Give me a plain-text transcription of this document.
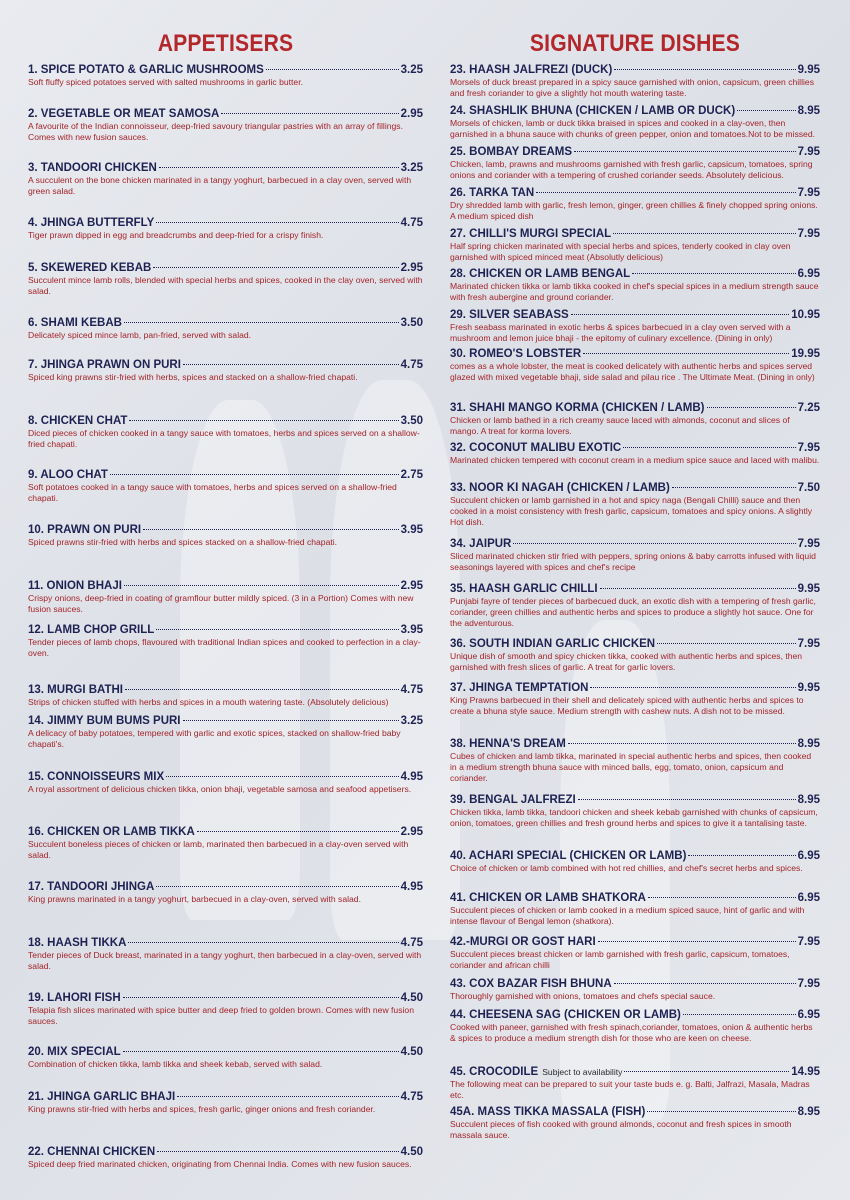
APPETISERS
1. SPICE POTATO & GARLIC MUSHROOMS	3.25
Soft fluffy spiced potatoes served with salted mushrooms in garlic butter.
2. VEGETABLE OR MEAT SAMOSA	2.95
A favourite of the Indian connoisseur, deep-fried savoury triangular pastries with an array of fillings. Comes with new fusion sauces.
3. TANDOORI CHICKEN	3.25
A succulent on the bone chicken marinated in a tangy yoghurt, barbecued in a clay oven, served with green salad.
4. JHINGA BUTTERFLY	4.75
Tiger prawn dipped in egg and breadcrumbs and deep-fried for a crispy finish.
5. SKEWERED KEBAB	2.95
Succulent mince lamb rolls, blended with special herbs and spices, cooked in the clay oven, served with salad.
6. SHAMI KEBAB	3.50
Delicately spiced mince lamb, pan-fried, served with salad.
7. JHINGA PRAWN ON PURI	4.75
Spiced king prawns stir-fried with herbs, spices and stacked on a shallow-fried chapati.
8. CHICKEN CHAT	3.50
Diced pieces of chicken cooked in a tangy sauce with tomatoes, herbs and spices served on a shallow-fried chapati.
9. ALOO CHAT	2.75
Soft potatoes cooked in a tangy sauce with tomatoes, herbs and spices served on a shallow-fried chapati.
10. PRAWN ON PURI	3.95
Spiced prawns stir-fried with herbs and spices stacked on a shallow-fried chapati.
11. ONION BHAJI	2.95
Crispy onions, deep-fried in coating of gramflour butter mildly spiced. (3 in a Portion) Comes with new fusion sauces.
12. LAMB CHOP GRILL	3.95
Tender pieces of lamb chops, flavoured with traditional Indian spices and cooked to perfection in a clay-oven.
13. MURGI BATHI	4.75
Strips of chicken stuffed with herbs and spices in a mouth watering taste. (Absolutely delicious)
14. JIMMY BUM BUMS PURI	3.25
A delicacy of baby potatoes, tempered with garlic and exotic spices, stacked on shallow-fried baby chapati's.
15. CONNOISSEURS MIX	4.95
A royal assortment of delicious chicken tikka, onion bhaji, vegetable samosa and seafood appetisers.
16. CHICKEN OR LAMB TIKKA	2.95
Succulent boneless pieces of chicken or lamb, marinated then barbecued in a clay-oven served with salad.
17. TANDOORI JHINGA	4.95
King prawns marinated in a tangy yoghurt, barbecued in a clay-oven, served with salad.
18. HAASH TIKKA	4.75
Tender pieces of Duck breast, marinated in a tangy yoghurt, then barbecued in a clay-oven, served with salad.
19. LAHORI FISH	4.50
Telapia fish slices marinated with spice butter and deep fried to golden brown. Comes with new fusion sauces.
20. MIX SPECIAL	4.50
Combination of chicken tikka, lamb tikka and sheek kebab, served with salad.
21. JHINGA GARLIC BHAJI	4.75
King prawns stir-fried with herbs and spices, fresh garlic, ginger onions and fresh coriander.
22. CHENNAI CHICKEN	4.50
Spiced deep fried marinated chicken, originating from Chennai India. Comes with new fusion sauces.
SIGNATURE DISHES
23. HAASH JALFREZI (DUCK)	9.95
Morsels of duck breast prepared in a spicy sauce garnished with onion, capsicum, green chillies and fresh coriander to give a slightly hot mouth watering taste.
24. SHASHLIK BHUNA (CHICKEN / LAMB OR DUCK)	8.95
Morsels of chicken, lamb or duck tikka braised in spices and cooked in a clay-oven, then garnished in a bhuna sauce with chunks of green pepper, onion and tomatoes.Not to be missed.
25. BOMBAY DREAMS	7.95
Chicken, lamb, prawns and mushrooms garnished with fresh garlic, capsicum, tomatoes, spring onions and coriander with a tempering of crushed coriander seeds. Absolutely delicious.
26. TARKA TAN	7.95
Dry shredded lamb with garlic, fresh lemon, ginger, green chillies & finely chopped spring onions. A medium spiced dish
27. CHILLI'S MURGI SPECIAL	7.95
Half spring chicken marinated with special herbs and spices, tenderly cooked in clay oven garnished with spiced minced meat (Absolutly delicious)
28. CHICKEN OR LAMB BENGAL	6.95
Marinated chicken tikka or lamb tikka cooked in chef's special spices in a medium strength sauce with fresh aubergine and ground coriander.
29. SILVER SEABASS	10.95
Fresh seabass marinated in exotic herbs & spices barbecued in a clay oven served with a mushroom and lemon juice bhaji - the epitomy of culinary excellence. (Dining in only)
30. ROMEO'S LOBSTER	19.95
comes as a whole lobster, the meat is cooked delicately with authentic herbs and spices served glazed with mixed vegetable bhaji, side salad and pilau rice . The Ultimate Meat. (Dining in only)
31. SHAHI MANGO KORMA (CHICKEN / LAMB)	7.25
Chicken or lamb bathed in a rich creamy sauce laced with almonds, coconut and slices of mango. A treat for korma lovers.
32. COCONUT MALIBU EXOTIC	7.95
Marinated chicken tempered with coconut cream in a medium spice sauce and laced with malibu.
33. NOOR KI NAGAH (CHICKEN / LAMB)	7.50
Succulent chicken or lamb garnished in a hot and spicy naga (Bengali Chilli) sauce and then cooked in a moist consistency with fresh garlic, capsicum, tomatoes and spicy onions. A slightly Hot dish.
34. JAIPUR	7.95
Sliced marinated chicken stir fried with peppers, spring onions & baby carrotts infused with liquid seasonings layered with spices and chef's recipe
35. HAASH GARLIC CHILLI	9.95
Punjabi fayre of tender pieces of barbecued duck, an exotic dish with a tempering of fresh garlic, coriander, green chillies and authentic herbs and spices to produce a slightly hot sauce. One for the adventurous.
36. SOUTH INDIAN GARLIC CHICKEN	7.95
Unique dish of smooth and spicy chicken tikka, cooked with authentic herbs and spices, then garnished with fresh slices of garlic. A treat for garlic lovers.
37. JHINGA TEMPTATION	9.95
King Prawns barbecued in their shell and delicately spiced with authentic herbs and spices to create a bhuna style sauce. Medium strength with cashew nuts. A dish not to be missed.
38. HENNA'S DREAM	8.95
Cubes of chicken and lamb tikka, marinated in special authentic herbs and spices, then cooked in a medium strength bhuna sauce with minced balls, egg, tomato, onion, capsicum and coriander.
39. BENGAL JALFREZI	8.95
Chicken tikka, lamb tikka, tandoori chicken and sheek kebab garnished with chunks of capsicum, onion, tomatoes, green chillies and fresh ground herbs and spices to give it a tantalising taste.
40. ACHARI SPECIAL (CHICKEN OR LAMB)	6.95
Choice of chicken or lamb combined with hot red chillies, and chef's secret herbs and spices.
41. CHICKEN OR LAMB SHATKORA	6.95
Succulent pieces of chicken or lamb cooked in a medium spiced sauce, hint of garlic and with intense flavour of Bengal lemon (shatkora).
42.-MURGI OR GOST HARI	7.95
Succulent pieces breast chicken or lamb garnished with fresh garlic, capsicum, tomatoes, coriander and african chilli
43. COX BAZAR FISH BHUNA	7.95
Thoroughly garnished with onions, tomatoes and chefs special sauce.
44. CHEESENA SAG (CHICKEN OR LAMB)	6.95
Cooked with paneer, garnished with fresh spinach,coriander, tomatoes, onion & authentic herbs & spices to produce a medium strength dish for those who are keen on cheese.
45. CROCODILE Subject to availability	14.95
The following meat can be prepared to suit your taste buds e. g. Balti, Jalfrazi, Masala, Madras etc.
45A. MASS TIKKA MASSALA (FISH)	8.95
Succulent pieces of fish cooked with ground almonds, coconut and fresh spices in smooth massala sauce.
